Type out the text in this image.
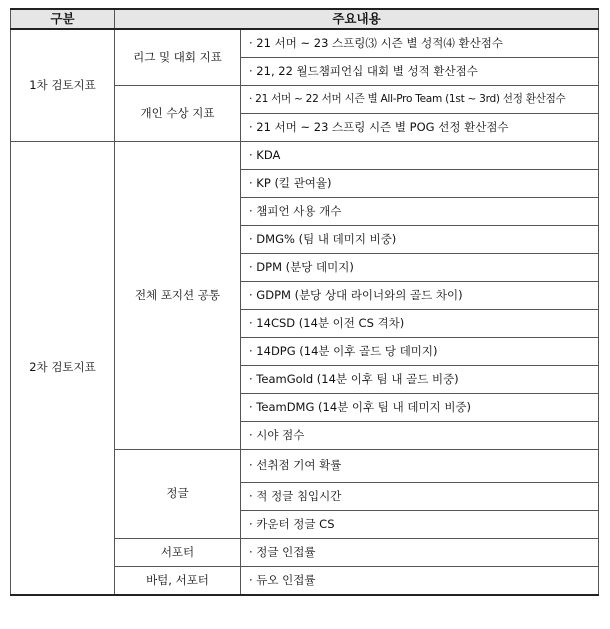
구분	주요내용	
1차 검토지표	리그 및 대회 지표	· 21 서머 ~ 23 스프링⑶ 시즌 별 성적⑷ 환산점수
		· 21, 22 월드챔피언십 대회 별 성적 환산점수
	개인 수상 지표	· 21 서머 ~ 22 서머 시즌 별 All-Pro Team (1st ~ 3rd) 선정 환산점수
		· 21 서머 ~ 23 스프링 시즌 별 POG 선정 환산점수
2차 검토지표	전체 포지션 공통	· KDA
		· KP (킬 관여율)
		· 챔피언 사용 개수
		· DMG% (팀 내 데미지 비중)
		· DPM (분당 데미지)
		· GDPM (분당 상대 라이너와의 골드 차이)
		· 14CSD (14분 이전 CS 격차)
		· 14DPG (14분 이후 골드 당 데미지)
		· TeamGold (14분 이후 팀 내 골드 비중)
		· TeamDMG (14분 이후 팀 내 데미지 비중)
		· 시야 점수
	정글	· 선취점 기여 확률
		· 적 정글 침입시간
		· 카운터 정글 CS
	서포터	· 정글 인접률
	바텀, 서포터	· 듀오 인접률
